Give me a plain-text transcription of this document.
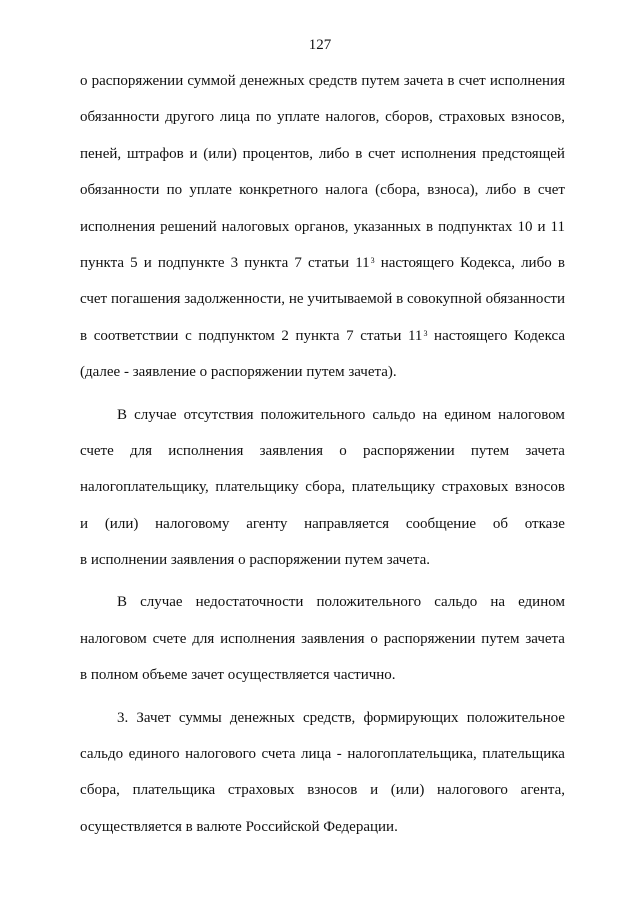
127
о распоряжении суммой денежных средств путем зачета в счет исполнения
обязанности другого лица по уплате налогов, сборов, страховых взносов,
пеней, штрафов и (или) процентов, либо в счет исполнения предстоящей
обязанности по уплате конкретного налога (сбора, взноса), либо в счет
исполнения решений налоговых органов, указанных в подпунктах 10 и 11
пункта 5 и подпункте 3 пункта 7 статьи $11^3$ настоящего Кодекса, либо в
счет погашения задолженности, не учитываемой в совокупной обязанности
в соответствии с подпунктом 2 пункта 7 статьи $11^3$ настоящего Кодекса
(далее - заявление о распоряжении путем зачета).
В случае отсутствия положительного сальдо на едином налоговом
счете для исполнения заявления о распоряжении путем зачета
налогоплательщику, плательщику сбора, плательщику страховых взносов
и (или) налоговому агенту направляется сообщение об отказе
в исполнении заявления о распоряжении путем зачета.
В случае недостаточности положительного сальдо на едином
налоговом счете для исполнения заявления о распоряжении путем зачета
в полном объеме зачет осуществляется частично.
3. Зачет суммы денежных средств, формирующих положительное
сальдо единого налогового счета лица - налогоплательщика, плательщика
сбора, плательщика страховых взносов и (или) налогового агента,
осуществляется в валюте Российской Федерации.
